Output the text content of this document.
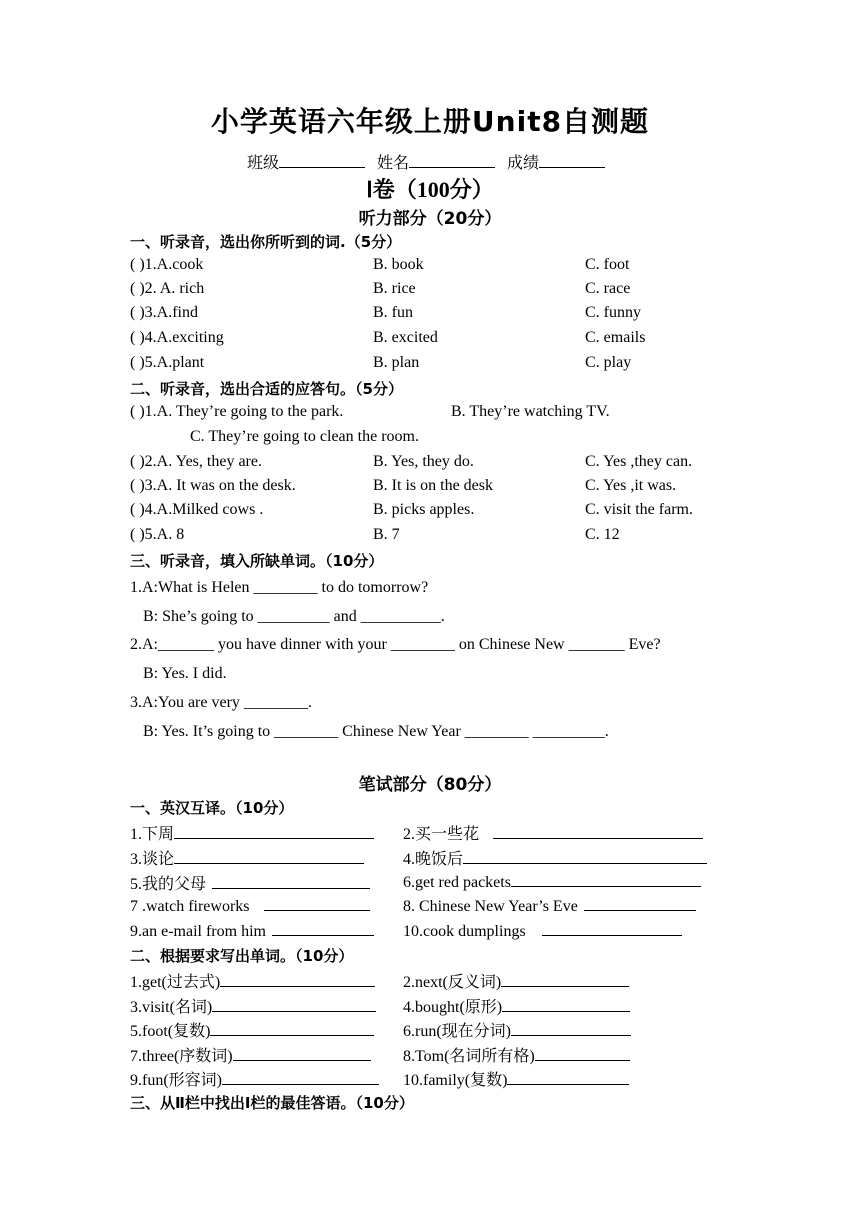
小学英语六年级上册Unit8自测题
班级	姓名	成绩
Ⅰ卷（100分）
听力部分（20分）
一、听录音，选出你所听到的词.（5分）
( )1.A.cook	B. book	C. foot
( )2. A. rich	B. rice	C. race
( )3.A.find	B. fun	C. funny
( )4.A.exciting	B. excited	C. emails
( )5.A.plant	B. plan	C. play
二、听录音，选出合适的应答句。（5分）
( )1.A. They’re going to the park.	B. They’re watching TV.
C. They’re going to clean the room.
( )2.A. Yes, they are.	B. Yes, they do.	C. Yes ,they can.
( )3.A. It was on the desk.	B. It is on the desk	C. Yes ,it was.
( )4.A.Milked cows .	B. picks apples.	C. visit the farm.
( )5.A. 8	B. 7	C. 12
三、听录音，填入所缺单词。（10分）
1.A:What is Helen ________ to do tomorrow?
B: She’s going to _________ and __________.
2.A:_______ you have dinner with your ________ on Chinese New _______ Eve?
B: Yes. I did.
3.A:You are very ________.
B: Yes. It’s going to ________ Chinese New Year ________ _________.
笔试部分（80分）
一、英汉互译。（10分）
1.下周	2.买一些花
3.谈论	4.晚饭后
5.我的父母	6.get red packets
7 .watch fireworks	8. Chinese New Year’s Eve
9.an e-mail from him	10.cook dumplings
二、根据要求写出单词。（10分）
1.get(过去式)	2.next(反义词)
3.visit(名词)	4.bought(原形)
5.foot(复数)	6.run(现在分词)
7.three(序数词)	8.Tom(名词所有格)
9.fun(形容词)	10.family(复数)
三、从Ⅱ栏中找出Ⅰ栏的最佳答语。（10分）
